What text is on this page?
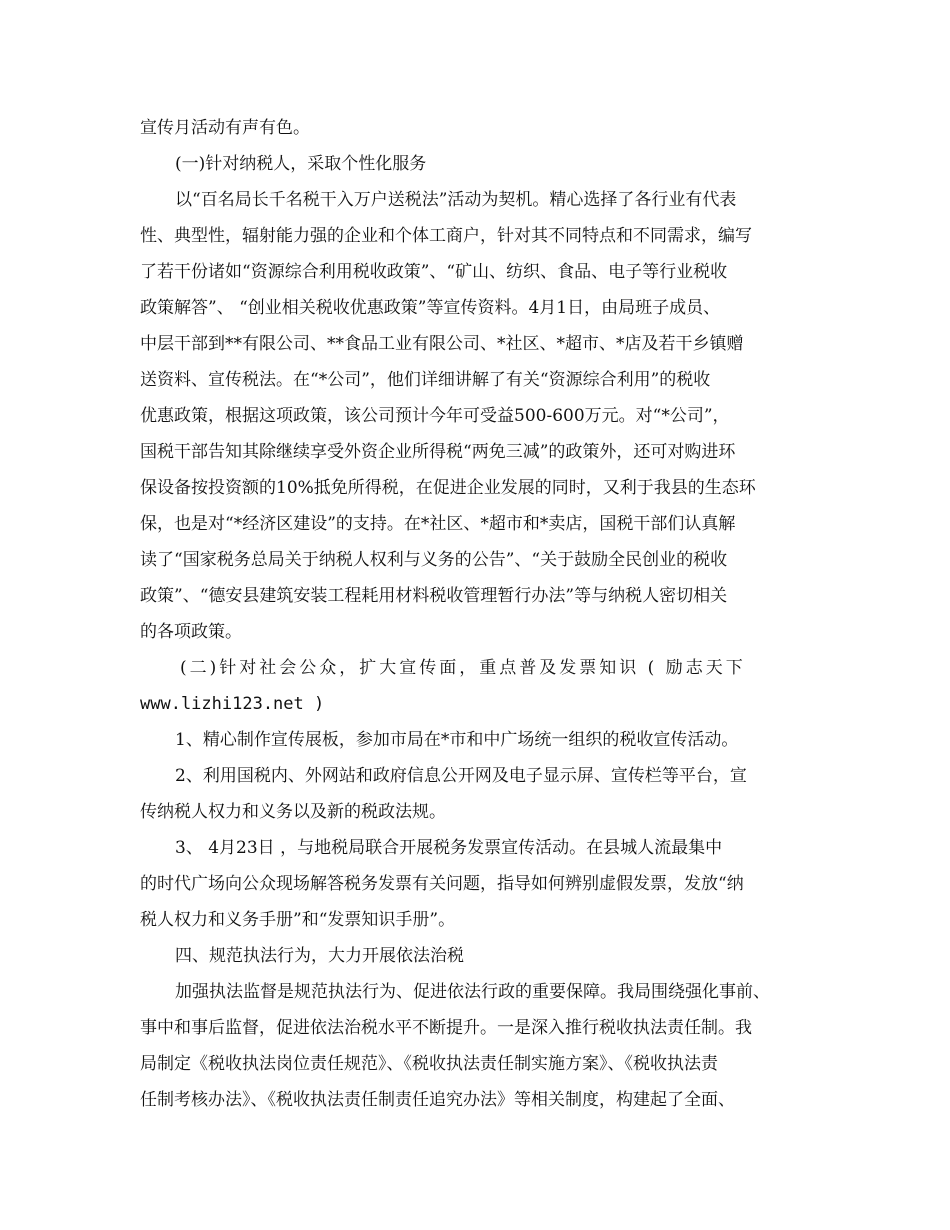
宣传月活动有声有色。
(一)针对纳税人，采取个性化服务
以“百名局长千名税干入万户送税法”活动为契机。精心选择了各行业有代表
性、典型性，辐射能力强的企业和个体工商户，针对其不同特点和不同需求，编写
了若干份诸如“资源综合利用税收政策”、“矿山、纺织、食品、电子等行业税收
政策解答”、 “创业相关税收优惠政策”等宣传资料。4月1日，由局班子成员、
中层干部到**有限公司、**食品工业有限公司、*社区、*超市、*店及若干乡镇赠
送资料、宣传税法。在“*公司”，他们详细讲解了有关“资源综合利用”的税收
优惠政策，根据这项政策，该公司预计今年可受益500-600万元。对“*公司”，
国税干部告知其除继续享受外资企业所得税“两免三减”的政策外，还可对购进环
保设备按投资额的10%抵免所得税，在促进企业发展的同时，又利于我县的生态环
保，也是对“*经济区建设”的支持。在*社区、*超市和*卖店，国税干部们认真解
读了“国家税务总局关于纳税人权利与义务的公告”、“关于鼓励全民创业的税收
政策”、“德安县建筑安装工程耗用材料税收管理暂行办法”等与纳税人密切相关
的各项政策。
(二)针对社会公众，扩大宣传面，重点普及发票知识 ( 励志天下
www.lizhi123.net )
1、精心制作宣传展板，参加市局在*市和中广场统一组织的税收宣传活动。
2、利用国税内、外网站和政府信息公开网及电子显示屏、宣传栏等平台，宣
传纳税人权力和义务以及新的税政法规。
3、 4月23日 ，与地税局联合开展税务发票宣传活动。在县城人流最集中
的时代广场向公众现场解答税务发票有关问题，指导如何辨别虚假发票，发放“纳
税人权力和义务手册”和“发票知识手册”。
四、规范执法行为，大力开展依法治税
加强执法监督是规范执法行为、促进依法行政的重要保障。我局围绕强化事前、
事中和事后监督，促进依法治税水平不断提升。一是深入推行税收执法责任制。我
局制定《税收执法岗位责任规范》、《税收执法责任制实施方案》、《税收执法责
任制考核办法》、《税收执法责任制责任追究办法》等相关制度，构建起了全面、
